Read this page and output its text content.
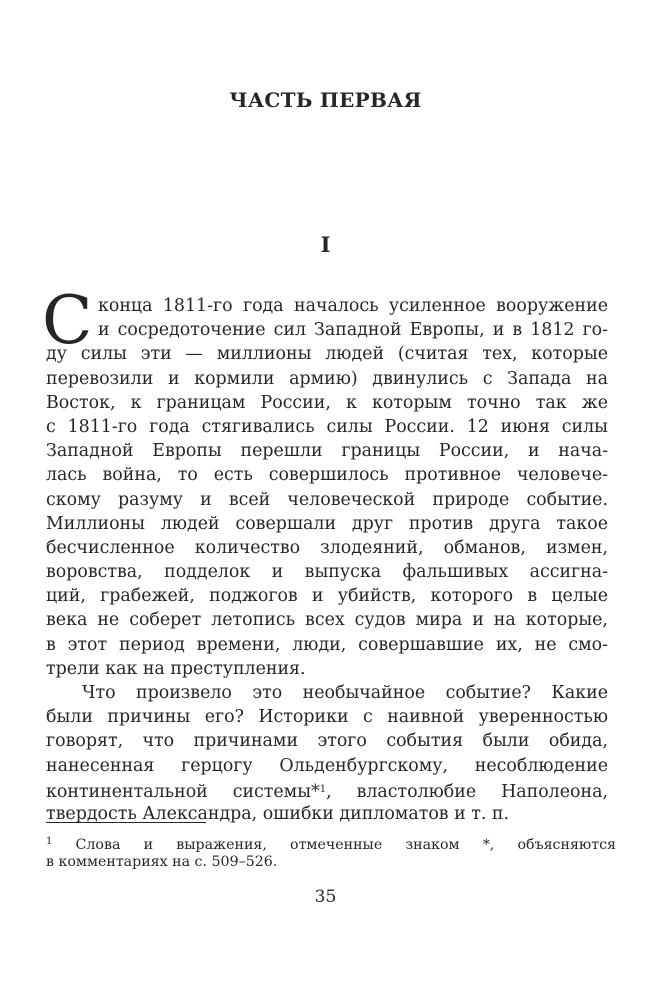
ЧАСТЬ ПЕРВАЯ
I
С конца 1811-го года началось усиленное вооружение
и сосредоточение сил Западной Европы, и в 1812 го-
ду силы эти — миллионы людей (считая тех, которые
перевозили и кормили армию) двинулись с Запада на
Восток, к границам России, к которым точно так же
с 1811-го года стягивались силы России. 12 июня силы
Западной Европы перешли границы России, и нача-
лась война, то есть совершилось противное человече-
скому разуму и всей человеческой природе событие.
Миллионы людей совершали друг против друга такое
бесчисленное количество злодеяний, обманов, измен,
воровства, подделок и выпуска фальшивых ассигна-
ций, грабежей, поджогов и убийств, которого в целые
века не соберет летопись всех судов мира и на которые,
в этот период времени, люди, совершавшие их, не смо-
трели как на преступления.
Что произвело это необычайное событие? Какие
были причины его? Историки с наивной уверенностью
говорят, что причинами этого события были обида,
нанесенная герцогу Ольденбургскому, несоблюдение
континентальной системы*$^1$, властолюбие Наполеона,
твердость Александра, ошибки дипломатов и т. п.
$^1$ Слова и выражения, отмеченные знаком *, объясняются
в комментариях на с. 509–526.
35
